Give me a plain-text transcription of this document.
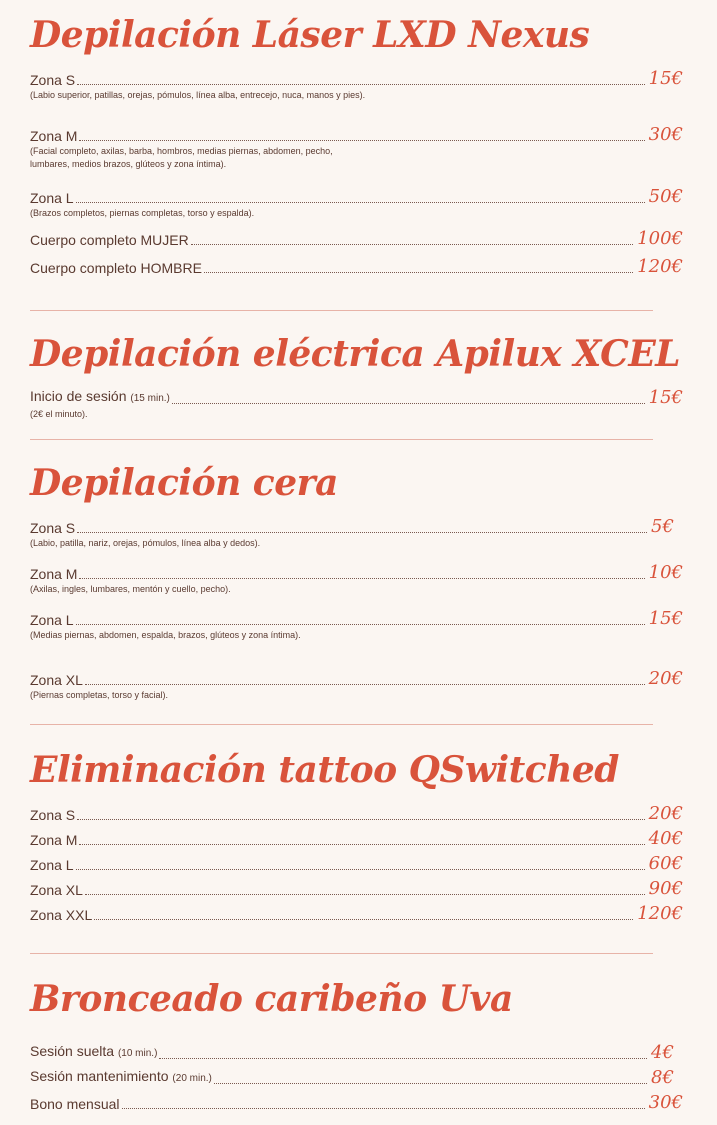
Depilación Láser LXD Nexus
Zona S	15€
(Labio superior, patillas, orejas, pómulos, línea alba, entrecejo, nuca, manos y pies).
Zona M	30€
(Facial completo, axilas, barba, hombros, medias piernas, abdomen, pecho, lumbares, medios brazos, glúteos y zona íntima).
Zona L	50€
(Brazos completos, piernas completas, torso y espalda).
Cuerpo completo MUJER	100€
Cuerpo completo HOMBRE	120€
Depilación eléctrica Apilux XCEL
Inicio de sesión (15 min.)	15€
(2€ el minuto).
Depilación cera
Zona S	5€
(Labio, patilla, nariz, orejas, pómulos, línea alba y dedos).
Zona M	10€
(Axilas, ingles, lumbares, mentón y cuello, pecho).
Zona L	15€
(Medias piernas, abdomen, espalda, brazos, glúteos y zona íntima).
Zona XL	20€
(Piernas completas, torso y facial).
Eliminación tattoo QSwitched
Zona S	20€
Zona M	40€
Zona L	60€
Zona XL	90€
Zona XXL	120€
Bronceado caribeño Uva
Sesión suelta (10 min.)	4€
Sesión mantenimiento (20 min.)	8€
Bono mensual	30€
